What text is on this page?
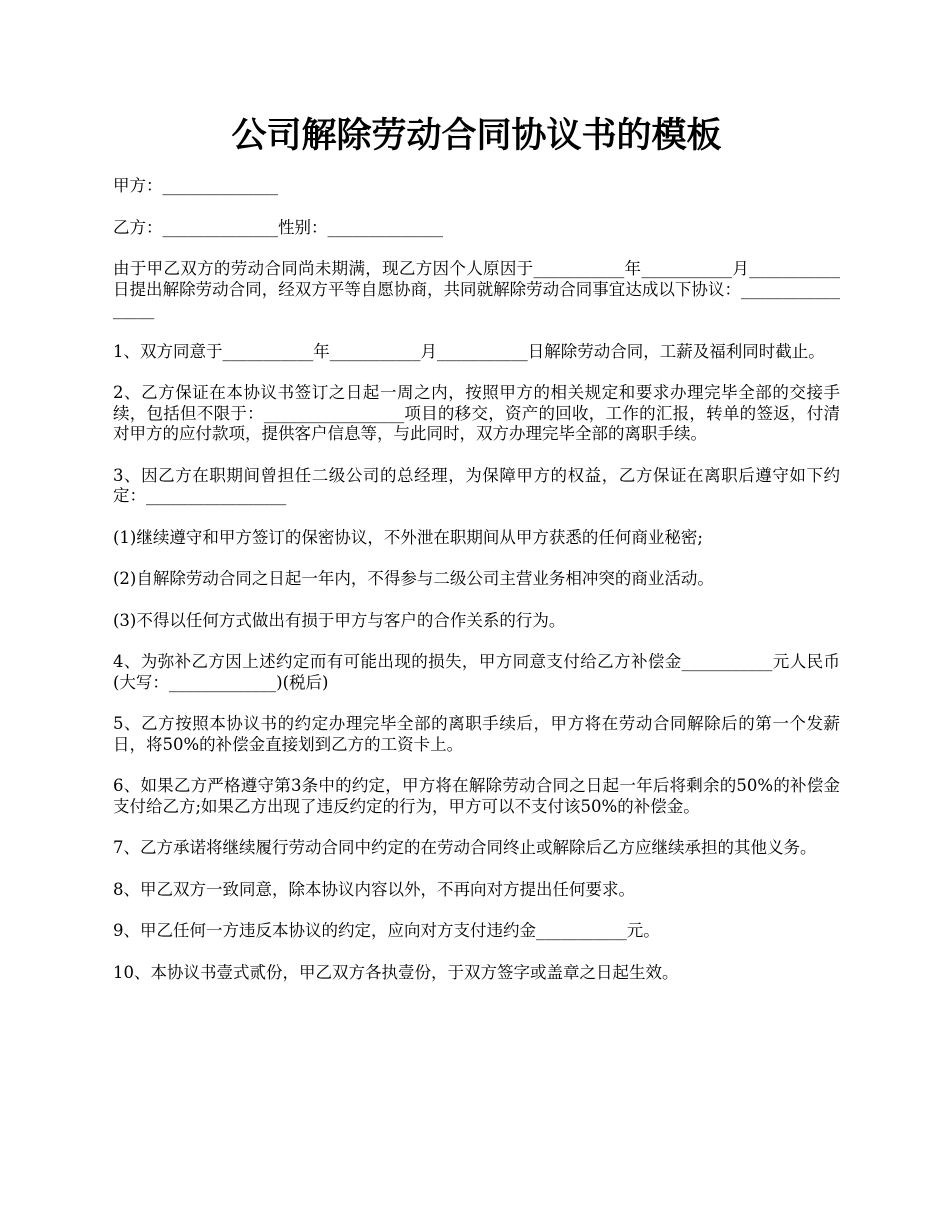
公司解除劳动合同协议书的模板

甲方：______________

乙方：______________性别：______________

由于甲乙双方的劳动合同尚未期满，现乙方因个人原因于___________年___________月___________日提出解除劳动合同，经双方平等自愿协商，共同就解除劳动合同事宜达成以下协议：_________________

1、双方同意于___________年___________月___________日解除劳动合同，工薪及福利同时截止。

2、乙方保证在本协议书签订之日起一周之内，按照甲方的相关规定和要求办理完毕全部的交接手续，包括但不限于：_________________项目的移交，资产的回收，工作的汇报，转单的签返，付清对甲方的应付款项，提供客户信息等，与此同时，双方办理完毕全部的离职手续。

3、因乙方在职期间曾担任二级公司的总经理，为保障甲方的权益，乙方保证在离职后遵守如下约定：_________________

(1)继续遵守和甲方签订的保密协议，不外泄在职期间从甲方获悉的任何商业秘密;

(2)自解除劳动合同之日起一年内，不得参与二级公司主营业务相冲突的商业活动。

(3)不得以任何方式做出有损于甲方与客户的合作关系的行为。

4、为弥补乙方因上述约定而有可能出现的损失，甲方同意支付给乙方补偿金___________元人民币(大写：_____________)(税后)

5、乙方按照本协议书的约定办理完毕全部的离职手续后，甲方将在劳动合同解除后的第一个发薪日，将50%的补偿金直接划到乙方的工资卡上。

6、如果乙方严格遵守第3条中的约定，甲方将在解除劳动合同之日起一年后将剩余的50%的补偿金支付给乙方;如果乙方出现了违反约定的行为，甲方可以不支付该50%的补偿金。

7、乙方承诺将继续履行劳动合同中约定的在劳动合同终止或解除后乙方应继续承担的其他义务。

8、甲乙双方一致同意，除本协议内容以外，不再向对方提出任何要求。

9、甲乙任何一方违反本协议的约定，应向对方支付违约金___________元。

10、本协议书壹式贰份，甲乙双方各执壹份，于双方签字或盖章之日起生效。
